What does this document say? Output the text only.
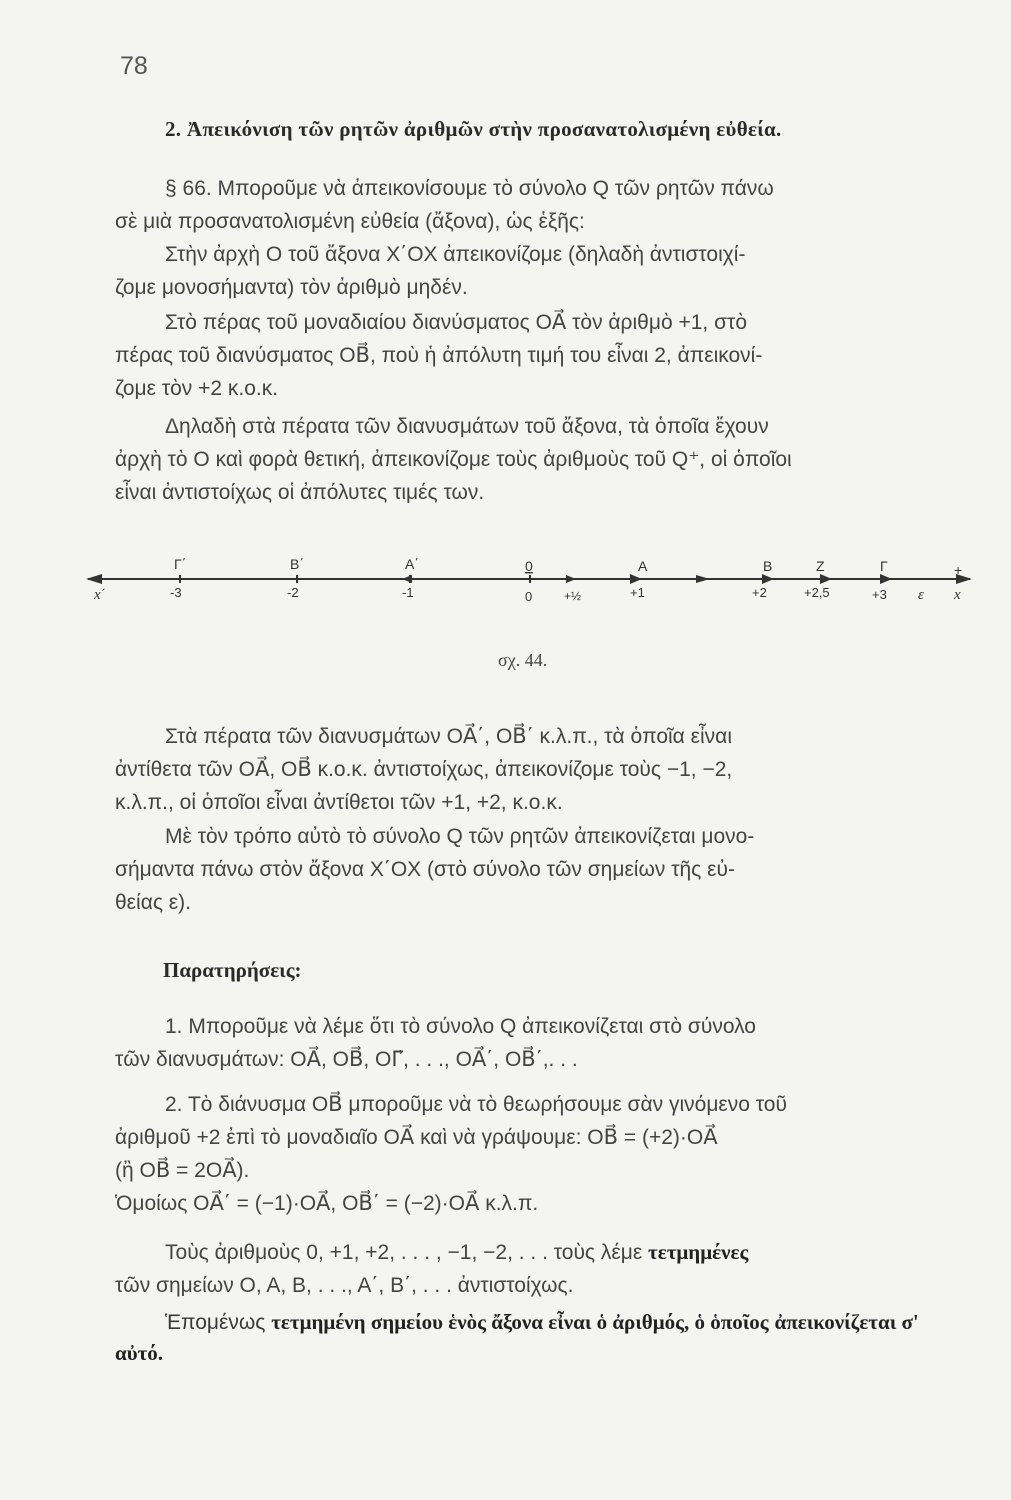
78
2. Ἀπεικόνιση τῶν ρητῶν ἀριθμῶν στὴν προσανατολισμένη εὐθεία.
§ 66. Μποροῦμε νὰ ἀπεικονίσουμε τὸ σύνολο Q τῶν ρητῶν πάνω
σὲ μιὰ προσανατολισμένη εὐθεία (ἄξονα), ὡς ἑξῆς:
Στὴν ἀρχὴ O τοῦ ἄξονα X΄OX ἀπεικονίζομε (δηλαδὴ ἀντιστοιχί-
ζομε μονοσήμαντα) τὸν ἀριθμὸ μηδέν.
Στὸ πέρας τοῦ μοναδιαίου διανύσματος OA⃗ τὸν ἀριθμὸ +1, στὸ
πέρας τοῦ διανύσματος OB⃗, ποὺ ἡ ἀπόλυτη τιμή του εἶναι 2, ἀπεικονί-
ζομε τὸν +2 κ.ο.κ.
Δηλαδὴ στὰ πέρατα τῶν διανυσμάτων τοῦ ἄξονα, τὰ ὁποῖα ἔχουν
ἀρχὴ τὸ O καὶ φορὰ θετική, ἀπεικονίζομε τοὺς ἀριθμοὺς τοῦ Q⁺, οἱ ὁποῖοι
εἶναι ἀντιστοίχως οἱ ἀπόλυτες τιμές των.
x΄	x
+
ε
Γ΄
-3
Β΄
-2
Α΄
-1
0
0	+½
Α
+1
Β
+2
Ζ
+2,5
Γ
+3
σχ. 44.
Στὰ πέρατα τῶν διανυσμάτων OA⃗΄, OB⃗΄ κ.λ.π., τὰ ὁποῖα εἶναι
ἀντίθετα τῶν OA⃗, OB⃗ κ.ο.κ. ἀντιστοίχως, ἀπεικονίζομε τοὺς −1, −2,
κ.λ.π., οἱ ὁποῖοι εἶναι ἀντίθετοι τῶν +1, +2, κ.ο.κ.
Μὲ τὸν τρόπο αὐτὸ τὸ σύνολο Q τῶν ρητῶν ἀπεικονίζεται μονο-
σήμαντα πάνω στὸν ἄξονα X΄OX (στὸ σύνολο τῶν σημείων τῆς εὐ-
θείας ε).
Παρατηρήσεις:
1. Μποροῦμε νὰ λέμε ὅτι τὸ σύνολο Q ἀπεικονίζεται στὸ σύνολο
τῶν διανυσμάτων: OA⃗, OB⃗, OΓ⃗, . . ., OA⃗΄, OB⃗΄,. . .
2. Τὸ διάνυσμα OB⃗ μποροῦμε νὰ τὸ θεωρήσουμε σὰν γινόμενο τοῦ
ἀριθμοῦ +2 ἐπὶ τὸ μοναδιαῖο OA⃗ καὶ νὰ γράψουμε: OB⃗ = (+2)·OA⃗
(ἢ OB⃗ = 2OA⃗).
Ὁμοίως OA⃗΄ = (−1)·OA⃗, OB⃗΄ = (−2)·OA⃗ κ.λ.π.
Τοὺς ἀριθμοὺς 0, +1, +2, . . . , −1, −2, . . . τοὺς λέμε τετμημένες
τῶν σημείων O, A, B, . . ., A΄, B΄, . . . ἀντιστοίχως.
Ἑπομένως τετμημένη σημείου ἑνὸς ἄξονα εἶναι ὁ ἀριθμός, ὁ ὁποῖος ἀπεικονίζεται σ' αὐτό.
